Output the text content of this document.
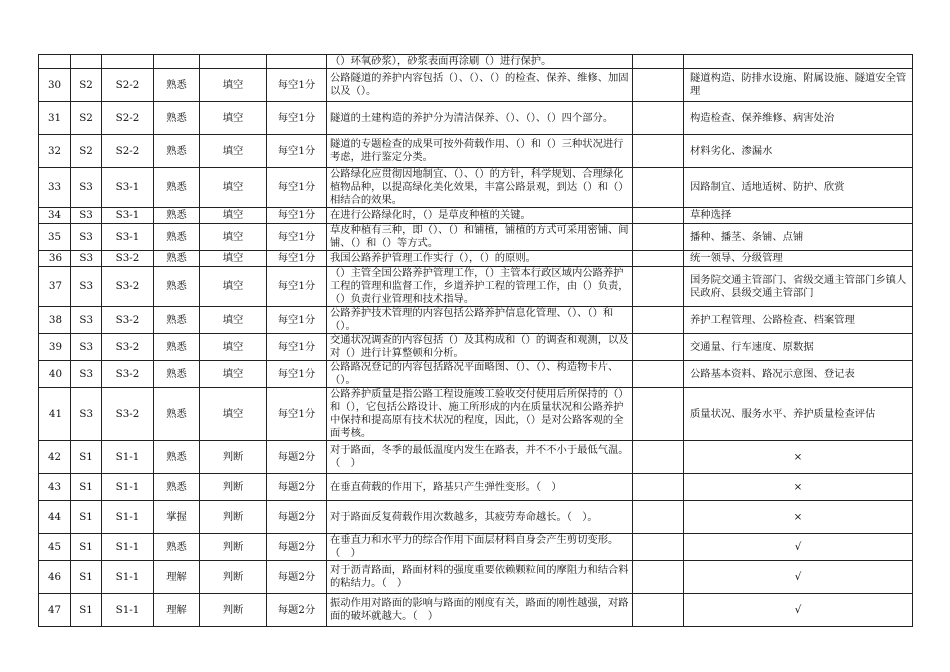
						（）环氧砂浆），砂浆表面再涂刷（）进行保护。		
30	S2	S2-2	熟悉	填空	每空1分	公路隧道的养护内容包括（）、（）、（）的检查、保养、维修、加固以及（）。		隧道构造、防排水设施、附属设施、隧道安全管理
31	S2	S2-2	熟悉	填空	每空1分	隧道的土建构造的养护分为清洁保养、（）、（）、（）四个部分。		构造检查、保养维修、病害处治
32	S2	S2-2	熟悉	填空	每空1分	隧道的专题检查的成果可按外荷载作用、（）和（）三种状况进行考虑，进行鉴定分类。		材料劣化、渗漏水
33	S3	S3-1	熟悉	填空	每空1分	公路绿化应贯彻因地制宜、（）、（）的方针，科学规划、合理绿化植物品种，以提高绿化美化效果，丰富公路景观，到达（）和（）相结合的效果。		因路制宜、适地适树、防护、欣赏
34	S3	S3-1	熟悉	填空	每空1分	在进行公路绿化时，（）是草皮种植的关键。		草种选择
35	S3	S3-1	熟悉	填空	每空1分	草皮种植有三种，即（）、（）和铺植，铺植的方式可采用密铺、间铺、（）和（）等方式。		播种、播茎、条铺、点铺
36	S3	S3-2	熟悉	填空	每空1分	我国公路养护管理工作实行（），（）的原则。		统一领导、分级管理
37	S3	S3-2	熟悉	填空	每空1分	（）主管全国公路养护管理工作，（）主管本行政区域内公路养护工程的管理和监督工作，乡道养护工程的管理工作，由（）负责，（）负责行业管理和技术指导。		国务院交通主管部门、省级交通主管部门乡镇人民政府、县级交通主管部门
38	S3	S3-2	熟悉	填空	每空1分	公路养护技术管理的内容包括公路养护信息化管理、（）、（）和（）。		养护工程管理、公路检查、档案管理
39	S3	S3-2	熟悉	填空	每空1分	交通状况调查的内容包括（）及其构成和（）的调查和观测，以及对（）进行计算整顿和分析。		交通量、行车速度、原数据
40	S3	S3-2	熟悉	填空	每空1分	公路路况登记的内容包括路况平面略图、（）、（）、构造物卡片、（）。		公路基本资料、路况示意图、登记表
41	S3	S3-2	熟悉	填空	每空1分	公路养护质量是指公路工程设施竣工验收交付使用后所保持的（）和（），它包括公路设计、施工所形成的内在质量状况和公路养护中保持和提高原有技术状况的程度，因此，（）是对公路客观的全面考核。		质量状况、服务水平、养护质量检查评估
42	S1	S1-1	熟悉	判断	每题2分	对于路面，冬季的最低温度内发生在路表，并不不小于最低气温。（　）		×
43	S1	S1-1	熟悉	判断	每题2分	在垂直荷载的作用下，路基只产生弹性变形。（　）		×
44	S1	S1-1	掌握	判断	每题2分	对于路面反复荷载作用次数越多，其疲劳寿命越长。（　）。		×
45	S1	S1-1	熟悉	判断	每题2分	在垂直力和水平力的综合作用下面层材料自身会产生剪切变形。（　）		√
46	S1	S1-1	理解	判断	每题2分	对于沥青路面，路面材料的强度重要依赖颗粒间的摩阻力和结合料的粘结力。（　）		√
47	S1	S1-1	理解	判断	每题2分	振动作用对路面的影响与路面的刚度有关，路面的刚性越强，对路面的破坏就越大。（　）		√
